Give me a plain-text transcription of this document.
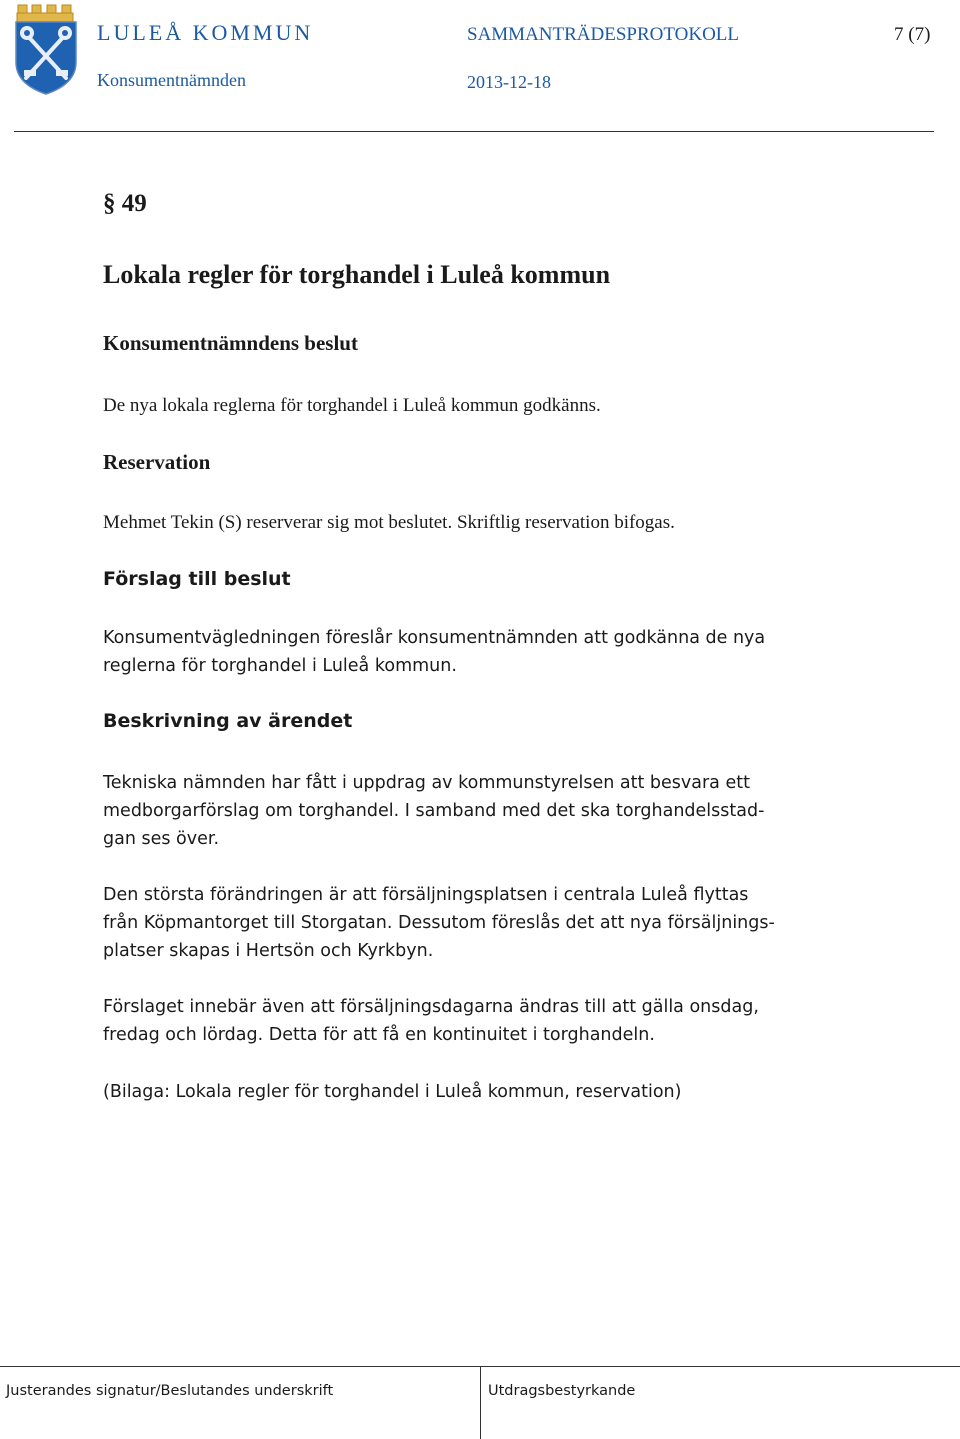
LULEÅ KOMMUN
Konsumentnämnden
SAMMANTRÄDESPROTOKOLL
2013-12-18
7 (7)
§ 49
Lokala regler för torghandel i Luleå kommun
Konsumentnämndens beslut
De nya lokala reglerna för torghandel i Luleå kommun godkänns.
Reservation
Mehmet Tekin (S) reserverar sig mot beslutet. Skriftlig reservation bifogas.
Förslag till beslut
Konsumentvägledningen föreslår konsumentnämnden att godkänna de nya
reglerna för torghandel i Luleå kommun.
Beskrivning av ärendet
Tekniska nämnden har fått i uppdrag av kommunstyrelsen att besvara ett
medborgarförslag om torghandel. I samband med det ska torghandelsstad-
gan ses över.
Den största förändringen är att försäljningsplatsen i centrala Luleå flyttas
från Köpmantorget till Storgatan. Dessutom föreslås det att nya försäljnings-
platser skapas i Hertsön och Kyrkbyn.
Förslaget innebär även att försäljningsdagarna ändras till att gälla onsdag,
fredag och lördag. Detta för att få en kontinuitet i torghandeln.
(Bilaga: Lokala regler för torghandel i Luleå kommun, reservation)
Justerandes signatur/Beslutandes underskrift	Utdragsbestyrkande
